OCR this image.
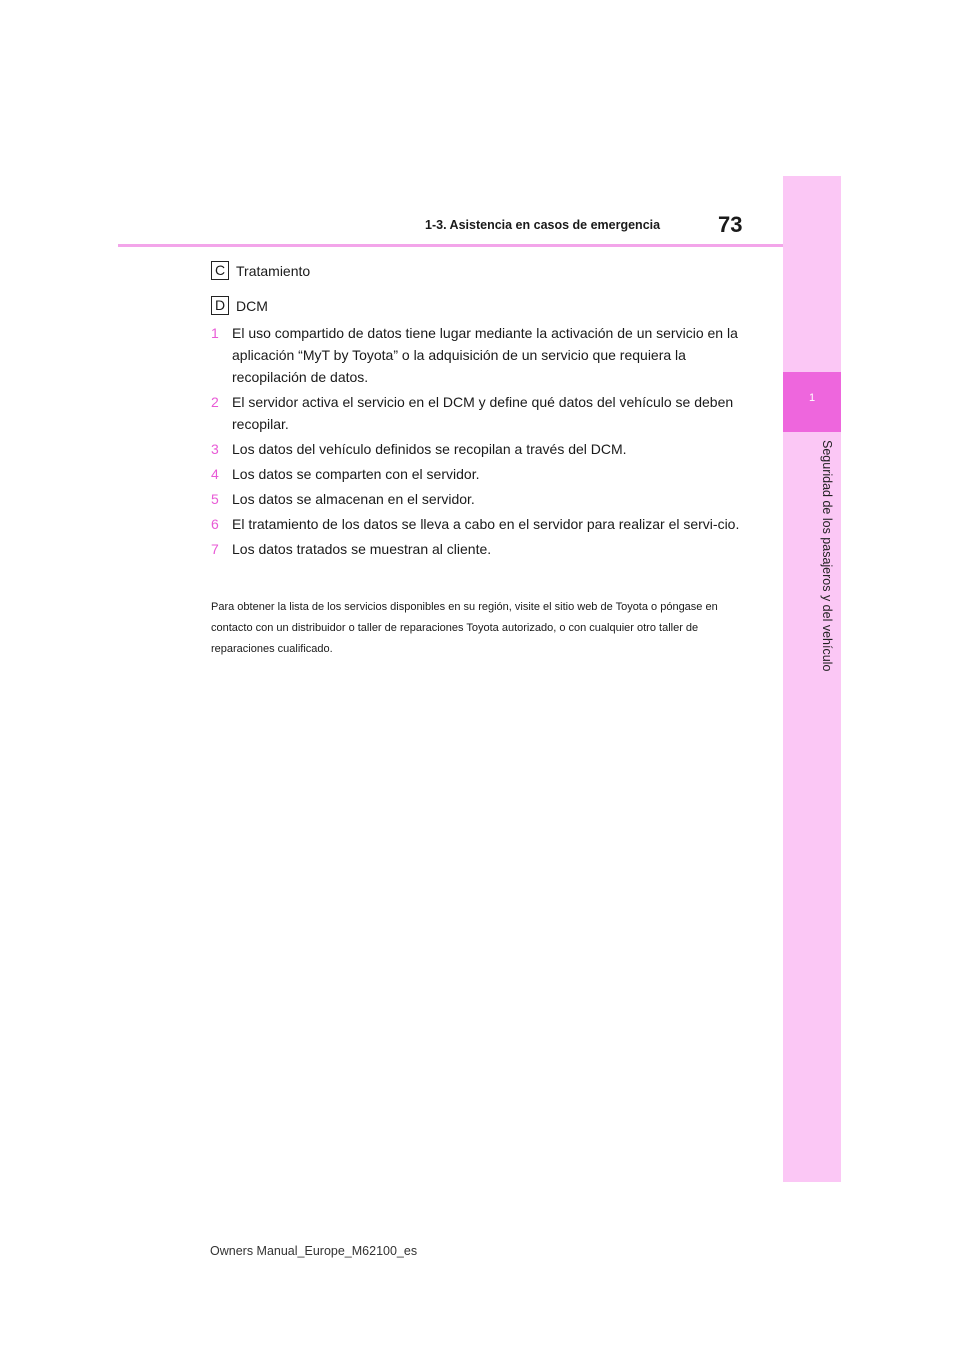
1
Seguridad de los pasajeros y del vehículo
1-3. Asistencia en casos de emergencia	73
C Tratamiento
D DCM
1 El uso compartido de datos tiene lugar mediante la activación de un servicio en la aplicación “MyT by Toyota” o la adquisición de un servicio que requiera la recopilación de datos.
2 El servidor activa el servicio en el DCM y define qué datos del vehículo se deben recopilar.
3 Los datos del vehículo definidos se recopilan a través del DCM.
4 Los datos se comparten con el servidor.
5 Los datos se almacenan en el servidor.
6 El tratamiento de los datos se lleva a cabo en el servidor para realizar el servi-cio.
7 Los datos tratados se muestran al cliente.

Para obtener la lista de los servicios disponibles en su región, visite el sitio web de Toyota o póngase en contacto con un distribuidor o taller de reparaciones Toyota autorizado, o con cualquier otro taller de reparaciones cualificado.

Owners Manual_Europe_M62100_es
